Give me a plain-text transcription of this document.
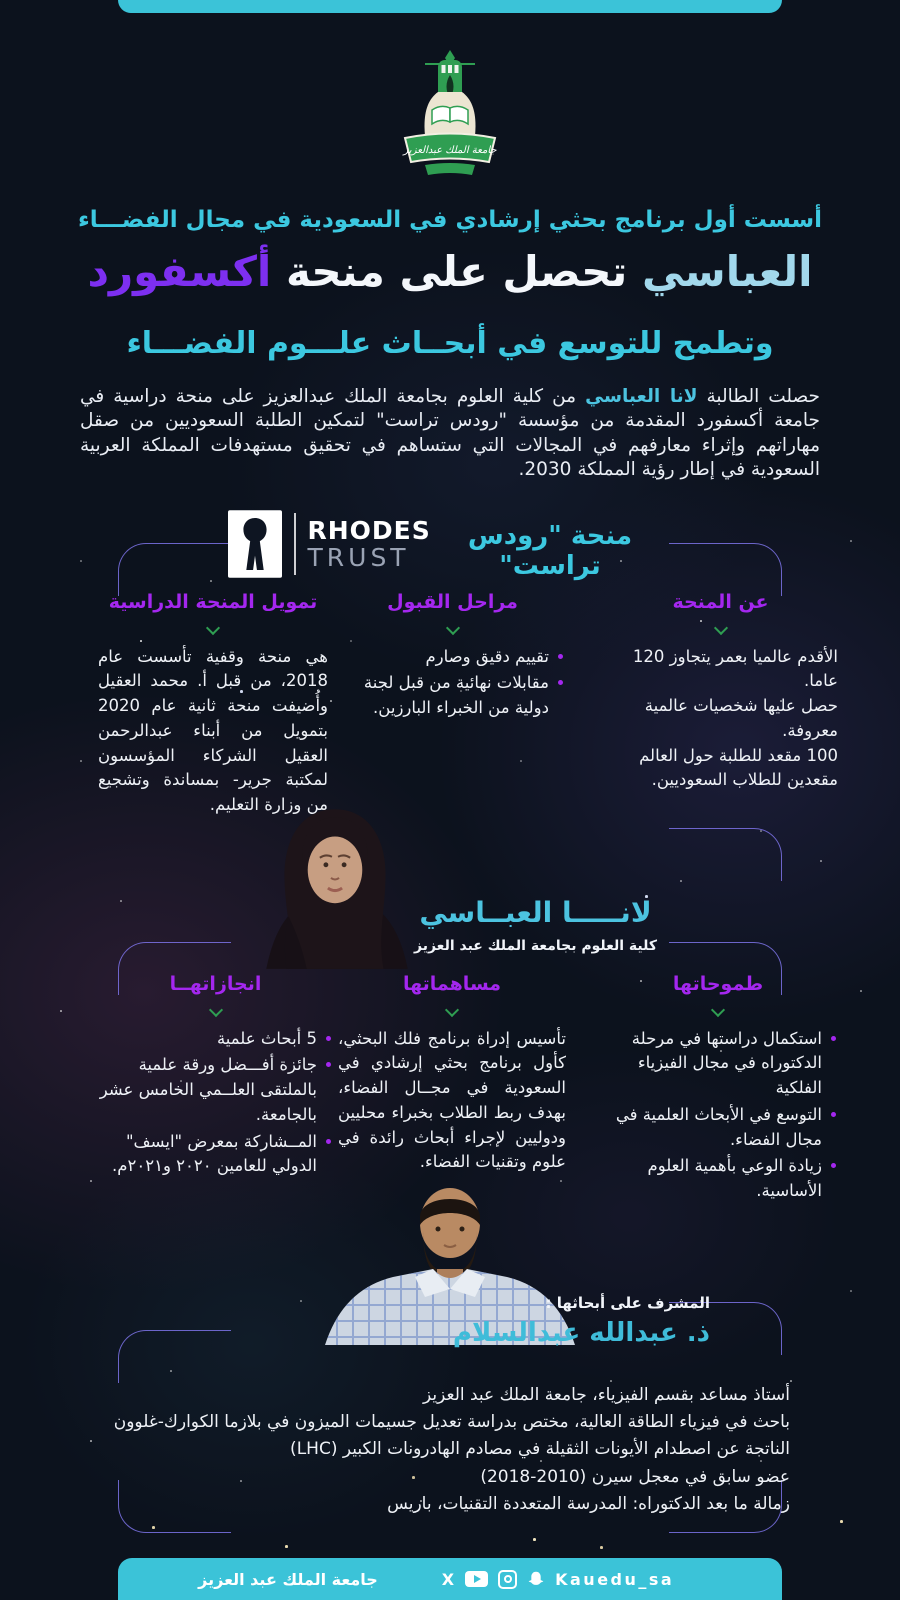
جامعة الملك عبدالعزيز
أسست أول برنامج بحثي إرشادي في السعودية في مجال الفضـــاء
العباسي تحصل على منحة أكسفورد
وتطمح للتوسع في أبحــاث علـــوم الفضـــاء

حصلت الطالبة لانا العباسي من كلية العلوم بجامعة الملك عبدالعزيز على منحة دراسية في جامعة أكسفورد المقدمة من مؤسسة "رودس تراست" لتمكين الطلبة السعوديين من صقل مهاراتهم وإثراء معارفهم في المجالات التي ستساهم في تحقيق مستهدفات المملكة العربية السعودية في إطار رؤية المملكة 2030.

منحة "رودس تراست"
RHODES
TRUST
عن المنحة
الأقدم عالميا بعمر يتجاوز 120 عاما.
حصل عليها شخصيات عالمية معروفة.
100 مقعد للطلبة حول العالم مقعدين للطلاب السعوديين.
مراحل القبول
تقييم دقيق وصارم
مقابلات نهائية من قبل لجنة دولية من الخبراء البارزين.
تمويل المنحة الدراسية
هي منحة وقفية تأسست عام 2018، من قبل أ. محمد العقيل وأُضيفت منحة ثانية عام 2020 بتمويل من أبناء عبدالرحمن العقيل الشركاء المؤسسون لمكتبة جرير- بمساندة وتشجيع من وزارة التعليم.
لانـــــا العبــاسي
كلية العلوم بجامعة الملك عبد العزيز
طموحاتها
استكمال دراستها في مرحلة الدكتوراه في مجال الفيزياء الفلكية
التوسع في الأبحاث العلمية في مجال الفضاء.
زيادة الوعي بأهمية العلوم الأساسية.
مساهماتها
تأسيس إدراة برنامج فلك البحثي، كأول برنامج بحثي إرشادي في السعودية في مجــال الفضاء، بهدف ربط الطلاب بخبراء محليين ودوليين لإجراء أبحاث رائدة في علوم وتقنيات الفضاء.
انجازاتهــا
5 أبحاث علمية
جائزة أفـــضل ورقة علمية بالملتقى العلــمي الخامس عشر بالجامعة.
المــشاركة بمعرض "ايسف" الدولي للعامين ٢٠٢٠ و٢٠٢١م.
المشرف على أبحاثها :
ذ. عبدالله عبدالسلام
أستاذ مساعد بقسم الفيزياء، جامعة الملك عبد العزيز
باحث في فيزياء الطاقة العالية، مختص بدراسة تعديل جسيمات الميزون في بلازما الكوارك-غلوون
الناتجة عن اصطدام الأيونات الثقيلة في مصادم الهادرونات الكبير (LHC)
عضو سابق في معجل سيرن (2010-2018)
زمالة ما بعد الدكتوراه: المدرسة المتعددة التقنيات، باريس
جامعة الملك عبد العزيز	X	Kauedu_sa
